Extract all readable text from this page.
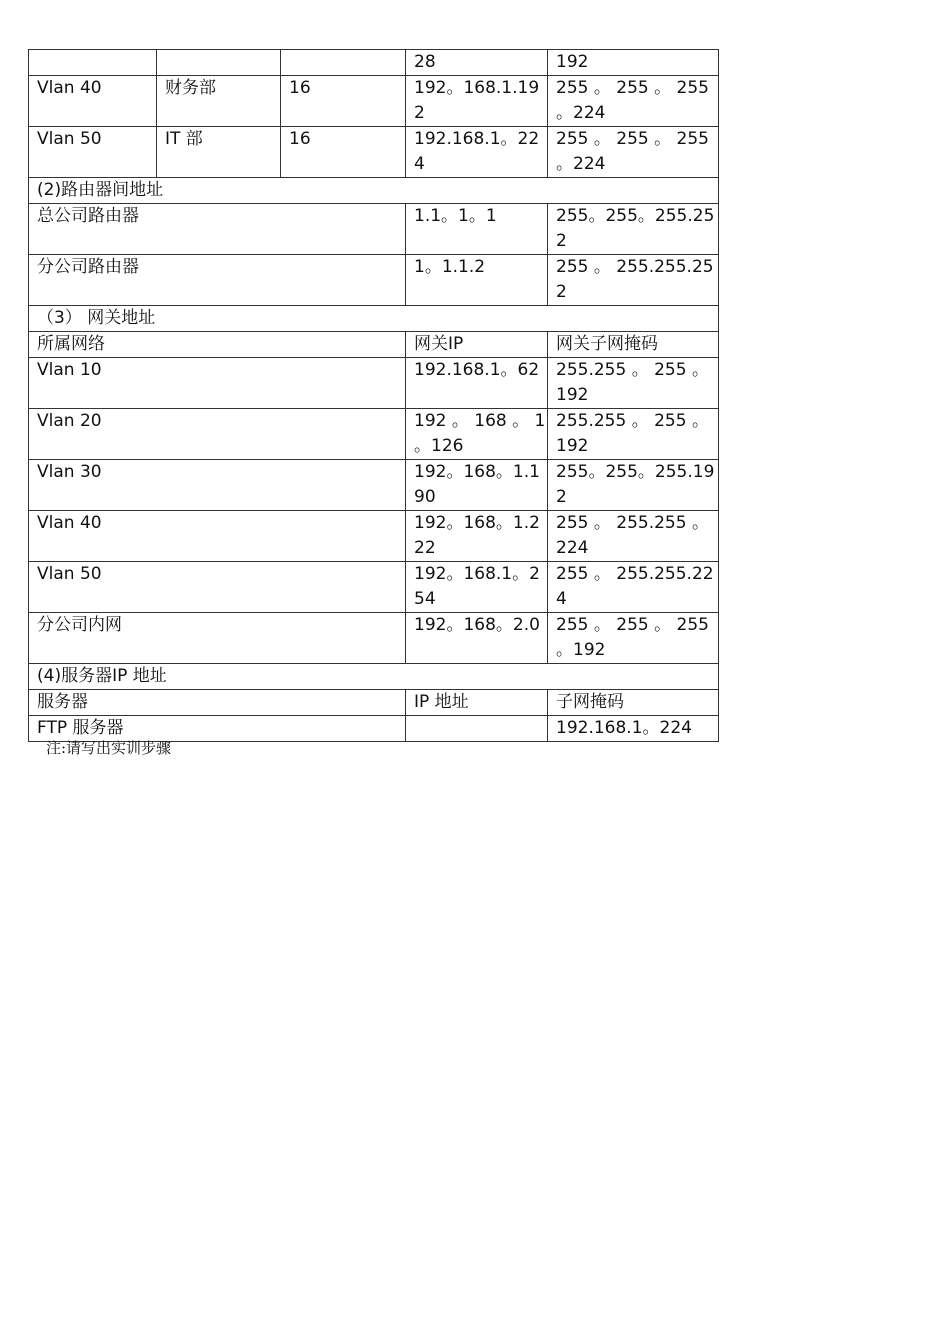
			28	192
Vlan 40	财务部	16	192。168.1.192	255 。 255 。 255 。224
Vlan 50	IT 部	16	192.168.1。224	255 。 255 。 255 。224
(2)路由器间地址				
总公司路由器			1.1。1。1	255。255。255.252
分公司路由器			1。1.1.2	255 。 255.255.252
（3） 网关地址				
所属网络			网关IP	网关子网掩码
Vlan 10			192.168.1。62	255.255 。 255 。192
Vlan 20			192 。 168 。 1 。126	255.255 。 255 。192
Vlan 30			192。168。1.190	255。255。255.192
Vlan 40			192。168。1.222	255 。 255.255 。224
Vlan 50			192。168.1。254	255 。 255.255.224
分公司内网			192。168。2.0	255 。 255 。 255 。192
(4)服务器IP 地址				
服务器			IP 地址	子网掩码
FTP 服务器				192.168.1。224
注:请写出实训步骤
